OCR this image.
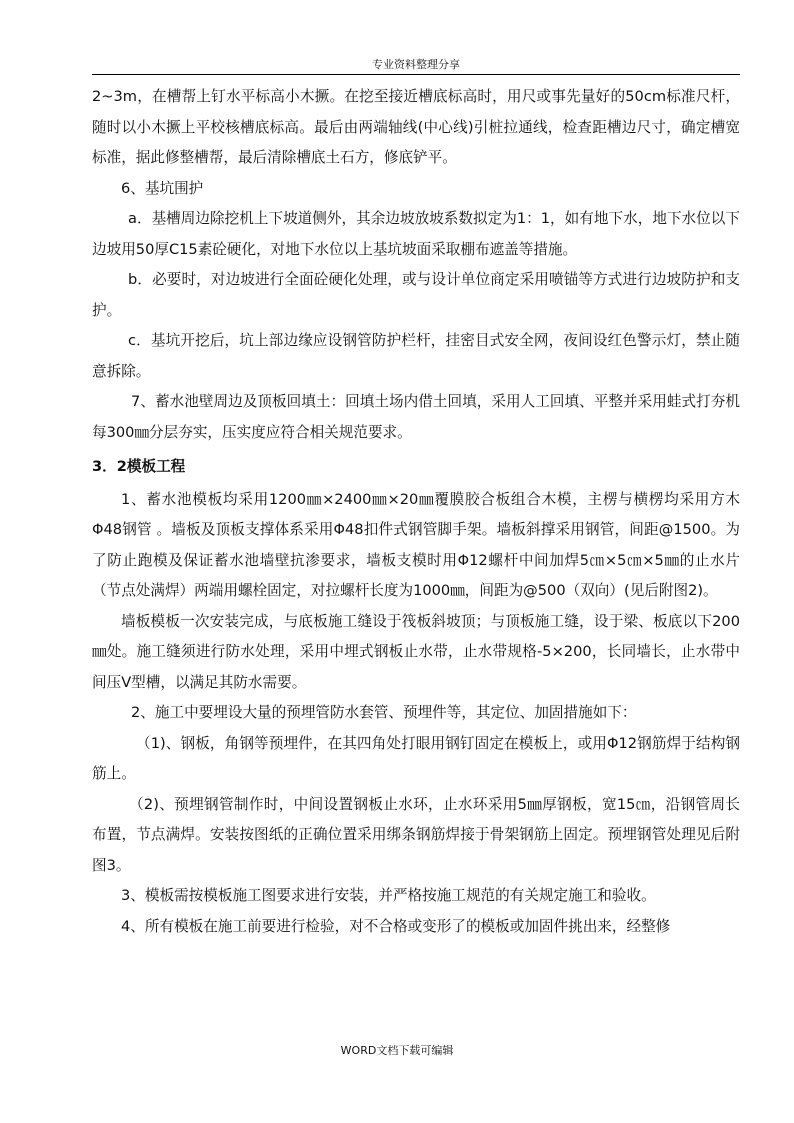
专业资料整理分享

2~3m，在槽帮上钉水平标高小木撅。在挖至接近槽底标高时，用尺或事先量好的50cm标准尺杆，随时以小木撅上平校核槽底标高。最后由两端轴线(中心线)引桩拉通线，检查距槽边尺寸，确定槽宽标准，据此修整槽帮，最后清除槽底土石方，修底铲平。

6、基坑围护

a．基槽周边除挖机上下坡道侧外，其余边坡放坡系数拟定为1：1，如有地下水，地下水位以下边坡用50厚C15素砼硬化，对地下水位以上基坑坡面采取棚布遮盖等措施。

b．必要时，对边坡进行全面砼硬化处理，或与设计单位商定采用喷锚等方式进行边坡防护和支护。

c．基坑开挖后，坑上部边缘应设钢管防护栏杆，挂密目式安全网，夜间设红色警示灯，禁止随意拆除。

7、蓄水池壁周边及顶板回填土：回填土场内借土回填，采用人工回填、平整并采用蛙式打夯机每300㎜分层夯实，压实度应符合相关规范要求。

3．2模板工程

1、蓄水池模板均采用1200㎜×2400㎜×20㎜覆膜胶合板组合木模，主楞与横楞均采用方木Φ48钢管 。墙板及顶板支撑体系采用Φ48扣件式钢管脚手架。墙板斜撑采用钢管，间距@1500。为了防止跑模及保证蓄水池墙壁抗渗要求，墙板支模时用Φ12螺杆中间加焊5㎝×5㎝×5㎜的止水片（节点处满焊）两端用螺栓固定，对拉螺杆长度为1000㎜，间距为@500（双向）(见后附图2)。

墙板模板一次安装完成，与底板施工缝设于筏板斜坡顶；与顶板施工缝，设于梁、板底以下200㎜处。施工缝须进行防水处理，采用中埋式钢板止水带，止水带规格-5×200，长同墙长，止水带中间压V型槽，以满足其防水需要。

2、施工中要埋设大量的预埋管防水套管、预埋件等，其定位、加固措施如下：

（1)、钢板，角钢等预埋件，在其四角处打眼用钢钉固定在模板上，或用Φ12钢筋焊于结构钢筋上。

（2)、预埋钢管制作时，中间设置钢板止水环，止水环采用5㎜厚钢板，宽15㎝，沿钢管周长布置，节点满焊。安装按图纸的正确位置采用绑条钢筋焊接于骨架钢筋上固定。预埋钢管处理见后附图3。

3、模板需按模板施工图要求进行安装，并严格按施工规范的有关规定施工和验收。

4、所有模板在施工前要进行检验，对不合格或变形了的模板或加固件挑出来，经整修

WORD文档下载可编辑
